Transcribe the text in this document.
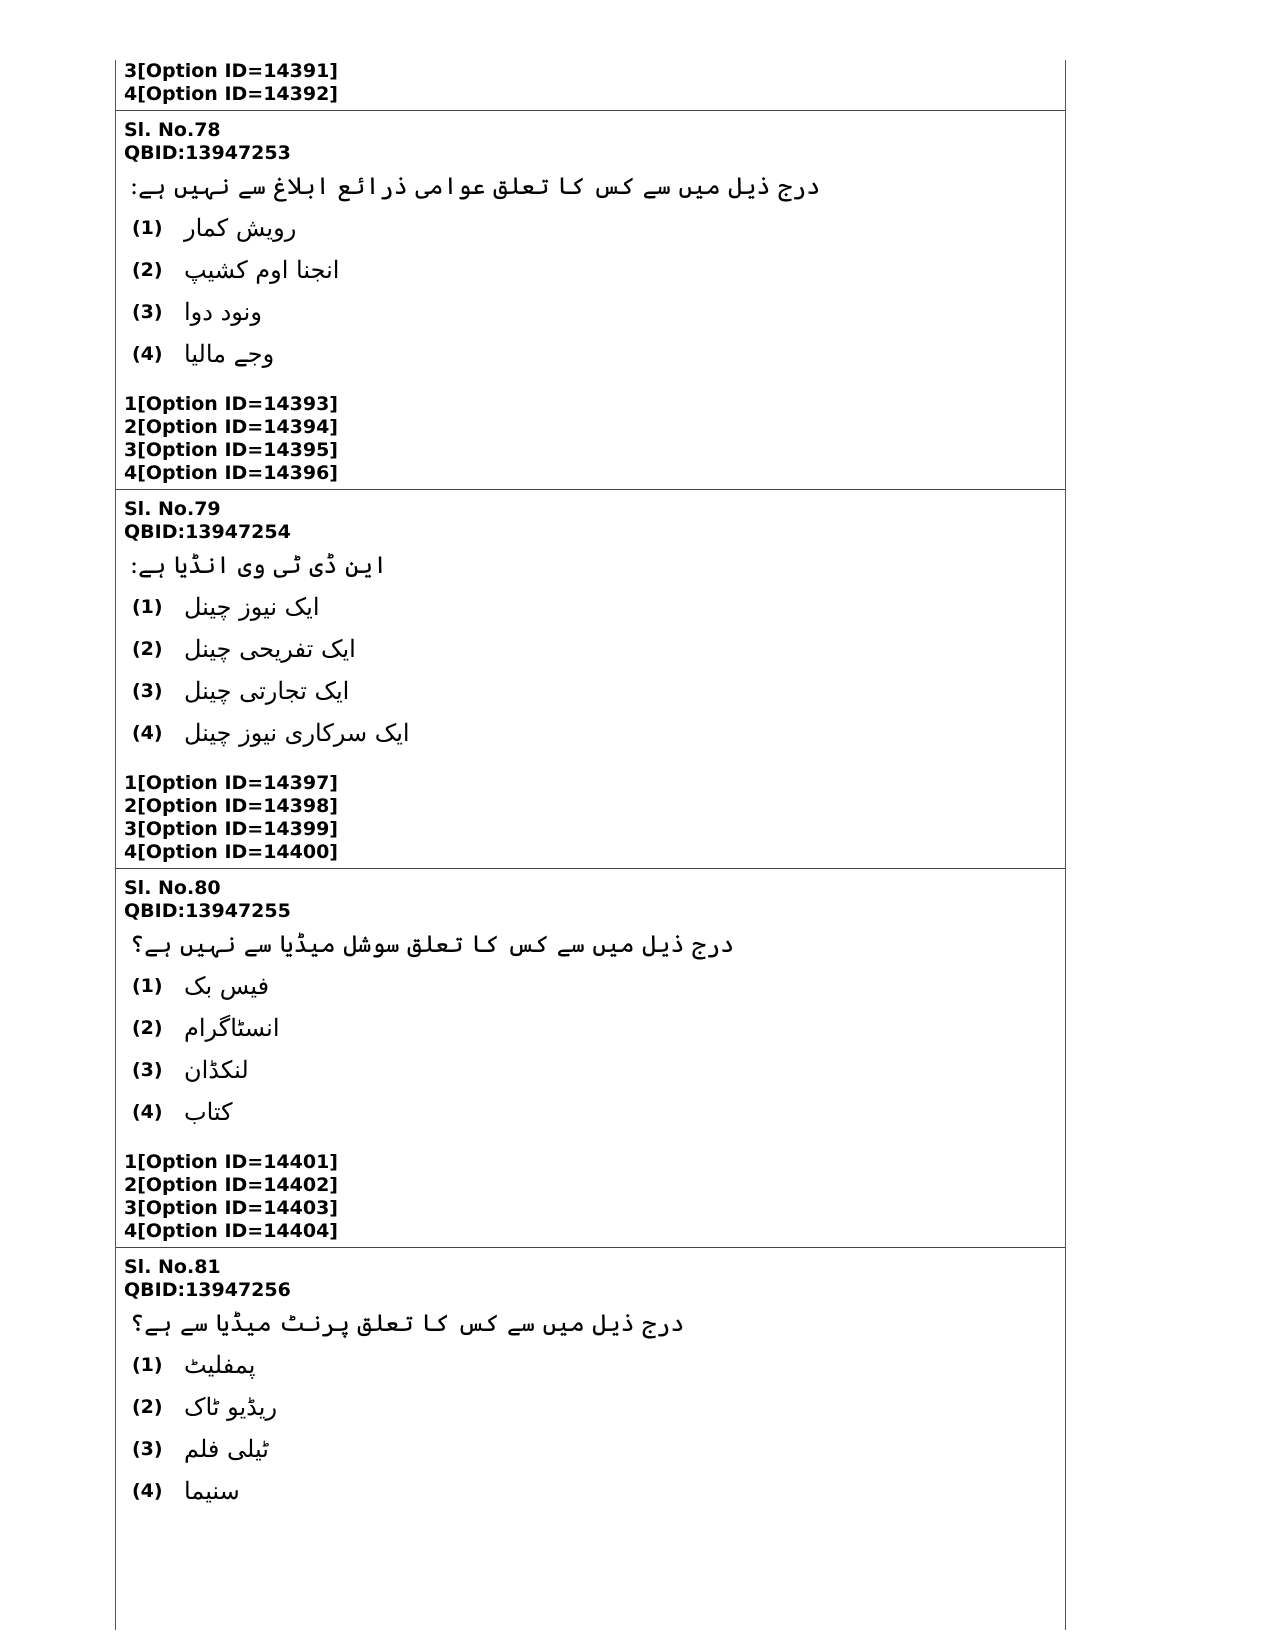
3[Option ID=14391]
4[Option ID=14392]
Sl. No.78
QBID:13947253
درج ذیل میں سے کس کا تعلق عوامی ذرائع ابلاغ سے نہیں ہے:
(1) رویش کمار
(2) انجنا اوم کشیپ
(3) ونود دوا
(4) وجے مالیا
1[Option ID=14393]
2[Option ID=14394]
3[Option ID=14395]
4[Option ID=14396]
Sl. No.79
QBID:13947254
این ڈی ٹی وی انڈیا ہے:
(1) ایک نیوز چینل
(2) ایک تفریحی چینل
(3) ایک تجارتی چینل
(4) ایک سرکاری نیوز چینل
1[Option ID=14397]
2[Option ID=14398]
3[Option ID=14399]
4[Option ID=14400]
Sl. No.80
QBID:13947255
درج ذیل میں سے کس کا تعلق سوشل میڈیا سے نہیں ہے؟
(1) فیس بک
(2) انسٹاگرام
(3) لنکڈان
(4) کتاب
1[Option ID=14401]
2[Option ID=14402]
3[Option ID=14403]
4[Option ID=14404]
Sl. No.81
QBID:13947256
درج ذیل میں سے کس کا تعلق پرنٹ میڈیا سے ہے؟
(1) پمفلیٹ
(2) ریڈیو ٹاک
(3) ٹیلی فلم
(4) سنیما
